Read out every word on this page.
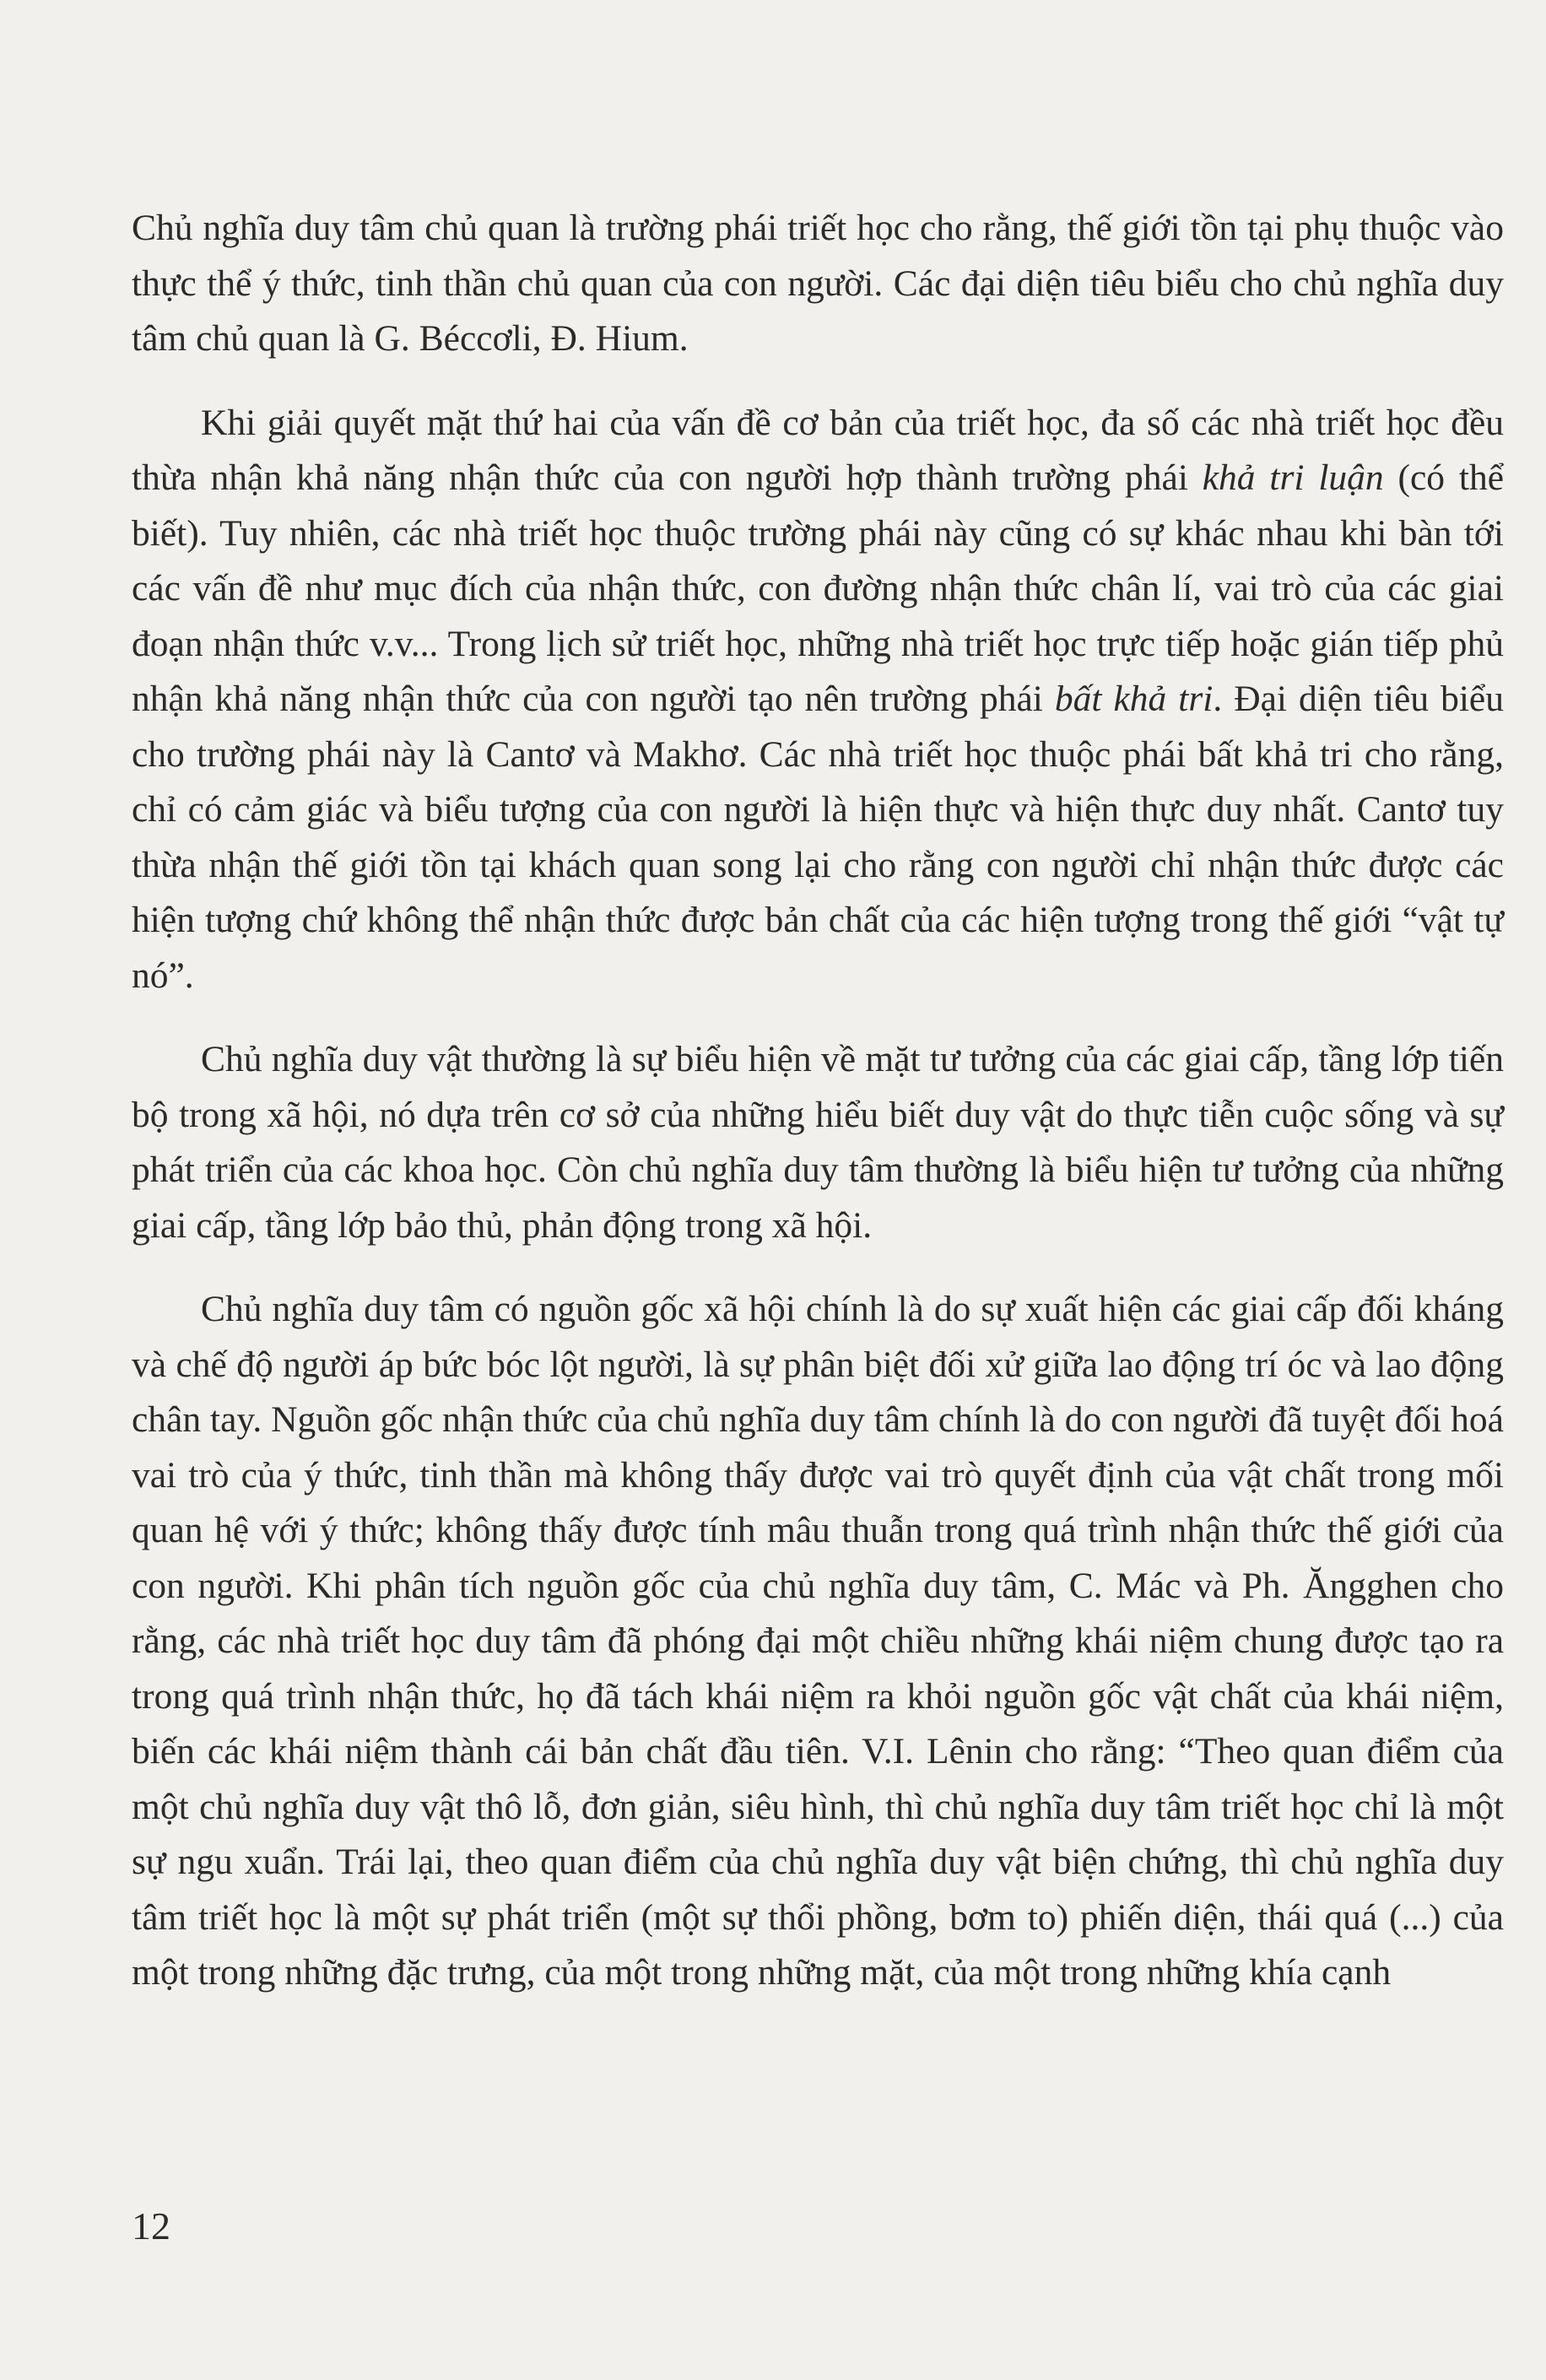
Chủ nghĩa duy tâm chủ quan là trường phái triết học cho rằng, thế giới tồn tại phụ thuộc vào thực thể ý thức, tinh thần chủ quan của con người. Các đại diện tiêu biểu cho chủ nghĩa duy tâm chủ quan là G. Béccơli, Đ. Hium.

Khi giải quyết mặt thứ hai của vấn đề cơ bản của triết học, đa số các nhà triết học đều thừa nhận khả năng nhận thức của con người hợp thành trường phái khả tri luận (có thể biết). Tuy nhiên, các nhà triết học thuộc trường phái này cũng có sự khác nhau khi bàn tới các vấn đề như mục đích của nhận thức, con đường nhận thức chân lí, vai trò của các giai đoạn nhận thức v.v... Trong lịch sử triết học, những nhà triết học trực tiếp hoặc gián tiếp phủ nhận khả năng nhận thức của con người tạo nên trường phái bất khả tri. Đại diện tiêu biểu cho trường phái này là Cantơ và Makhơ. Các nhà triết học thuộc phái bất khả tri cho rằng, chỉ có cảm giác và biểu tượng của con người là hiện thực và hiện thực duy nhất. Cantơ tuy thừa nhận thế giới tồn tại khách quan song lại cho rằng con người chỉ nhận thức được các hiện tượng chứ không thể nhận thức được bản chất của các hiện tượng trong thế giới “vật tự nó”.

Chủ nghĩa duy vật thường là sự biểu hiện về mặt tư tưởng của các giai cấp, tầng lớp tiến bộ trong xã hội, nó dựa trên cơ sở của những hiểu biết duy vật do thực tiễn cuộc sống và sự phát triển của các khoa học. Còn chủ nghĩa duy tâm thường là biểu hiện tư tưởng của những giai cấp, tầng lớp bảo thủ, phản động trong xã hội.

Chủ nghĩa duy tâm có nguồn gốc xã hội chính là do sự xuất hiện các giai cấp đối kháng và chế độ người áp bức bóc lột người, là sự phân biệt đối xử giữa lao động trí óc và lao động chân tay. Nguồn gốc nhận thức của chủ nghĩa duy tâm chính là do con người đã tuyệt đối hoá vai trò của ý thức, tinh thần mà không thấy được vai trò quyết định của vật chất trong mối quan hệ với ý thức; không thấy được tính mâu thuẫn trong quá trình nhận thức thế giới của con người. Khi phân tích nguồn gốc của chủ nghĩa duy tâm, C. Mác và Ph. Ăngghen cho rằng, các nhà triết học duy tâm đã phóng đại một chiều những khái niệm chung được tạo ra trong quá trình nhận thức, họ đã tách khái niệm ra khỏi nguồn gốc vật chất của khái niệm, biến các khái niệm thành cái bản chất đầu tiên. V.I. Lênin cho rằng: “Theo quan điểm của một chủ nghĩa duy vật thô lỗ, đơn giản, siêu hình, thì chủ nghĩa duy tâm triết học chỉ là một sự ngu xuẩn. Trái lại, theo quan điểm của chủ nghĩa duy vật biện chứng, thì chủ nghĩa duy tâm triết học là một sự phát triển (một sự thổi phồng, bơm to) phiến diện, thái quá (...) của một trong những đặc trưng, của một trong những mặt, của một trong những khía cạnh

12
